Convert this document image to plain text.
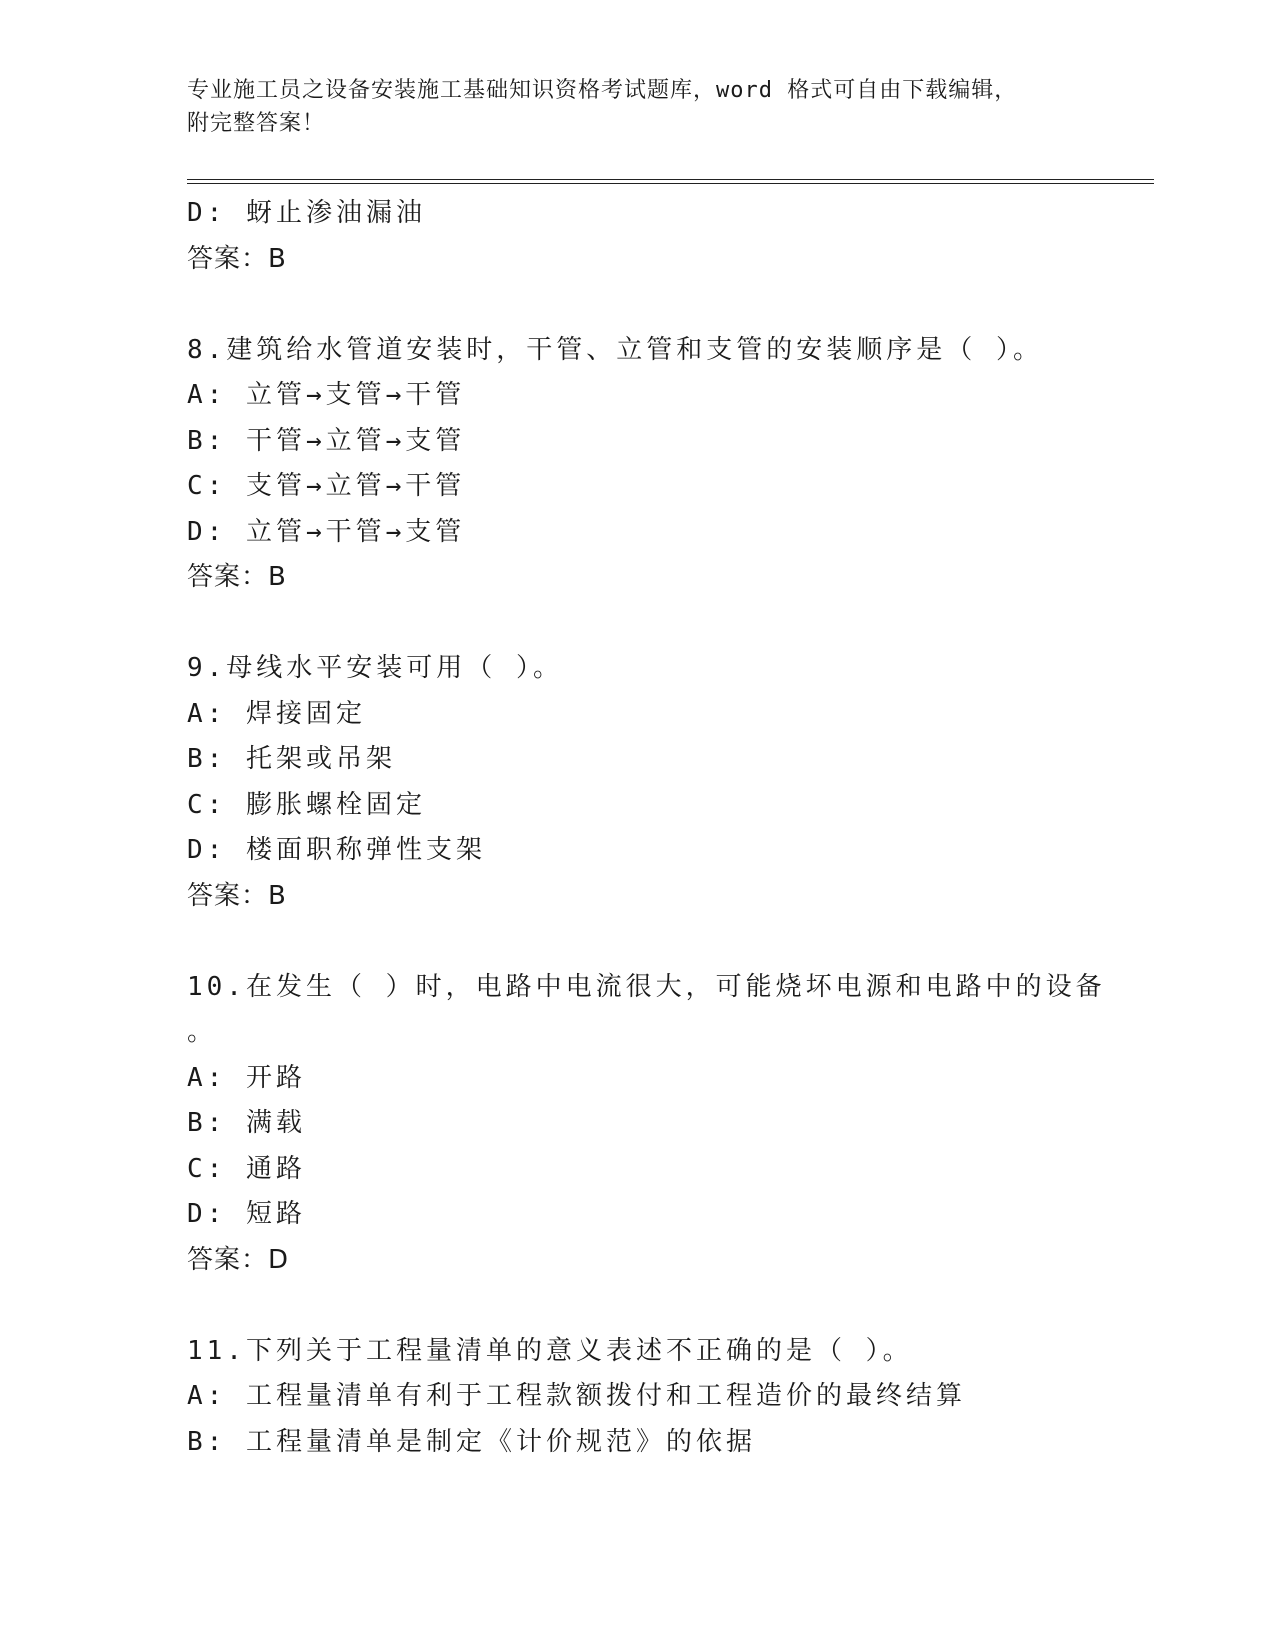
专业施工员之设备安装施工基础知识资格考试题库，word 格式可自由下载编辑，
附完整答案！
D: 蚜止渗油漏油
答案：B
8.建筑给水管道安装时，干管、立管和支管的安装顺序是（ ）。
A: 立管→支管→干管
B: 干管→立管→支管
C: 支管→立管→干管
D: 立管→干管→支管
答案：B
9.母线水平安装可用（ ）。
A: 焊接固定
B: 托架或吊架
C: 膨胀螺栓固定
D: 楼面职称弹性支架
答案：B
10.在发生（ ）时，电路中电流很大，可能烧坏电源和电路中的设备
。
A: 开路
B: 满载
C: 通路
D: 短路
答案：D
11.下列关于工程量清单的意义表述不正确的是（ ）。
A: 工程量清单有利于工程款额拨付和工程造价的最终结算
B: 工程量清单是制定《计价规范》的依据
